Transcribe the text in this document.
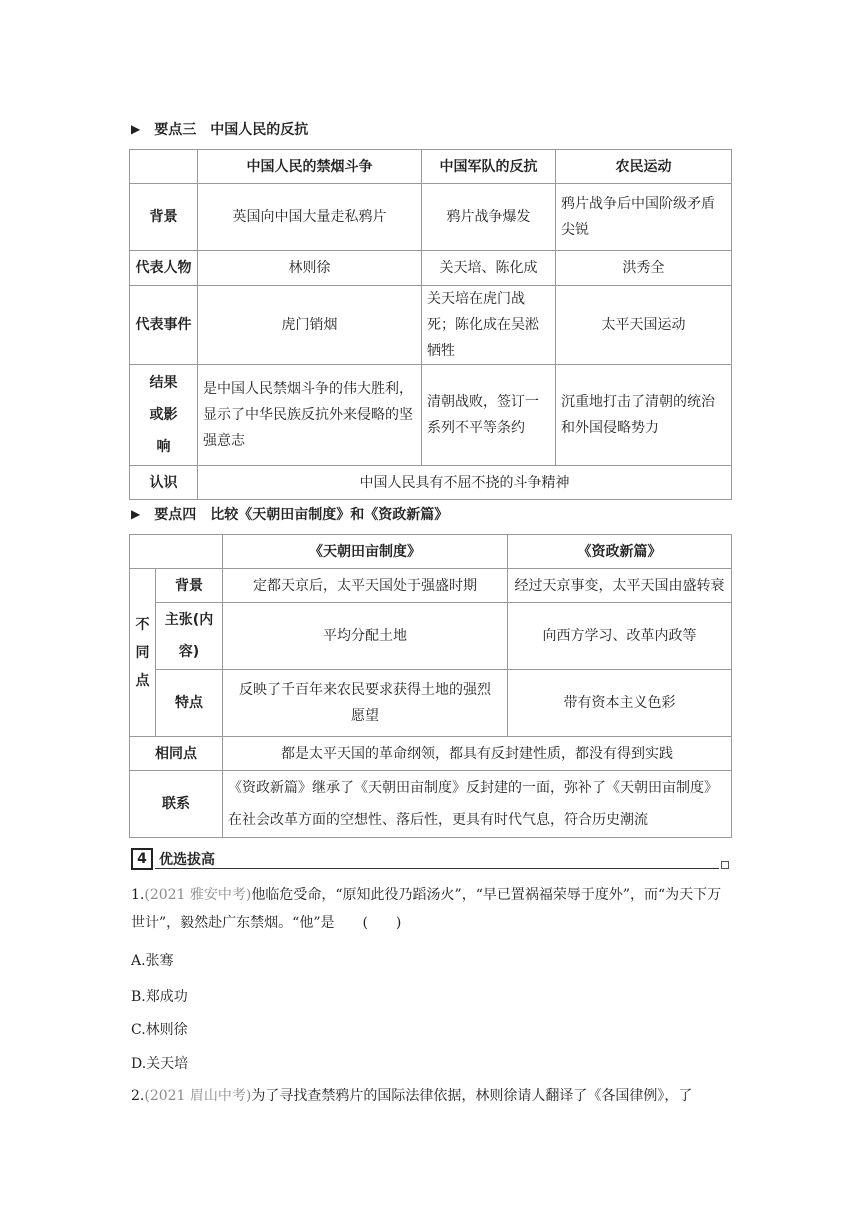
▶ 要点三　中国人民的反抗
	中国人民的禁烟斗争	中国军队的反抗	农民运动
背景	英国向中国大量走私鸦片	鸦片战争爆发	鸦片战争后中国阶级矛盾尖锐
代表人物	林则徐	关天培、陈化成	洪秀全
代表事件	虎门销烟	关天培在虎门战死；陈化成在吴淞牺牲	太平天国运动
结果或影响	是中国人民禁烟斗争的伟大胜利，显示了中华民族反抗外来侵略的坚强意志	清朝战败，签订一系列不平等条约	沉重地打击了清朝的统治和外国侵略势力
认识	中国人民具有不屈不挠的斗争精神		
▶ 要点四　比较《天朝田亩制度》和《资政新篇》
		《天朝田亩制度》	《资政新篇》
不同点	背景	定都天京后，太平天国处于强盛时期	经过天京事变，太平天国由盛转衰
	主张(内容)	平均分配土地	向西方学习、改革内政等
	特点	反映了千百年来农民要求获得土地的强烈愿望	带有资本主义色彩
相同点		都是太平天国的革命纲领，都具有反封建性质，都没有得到实践	
联系		《资政新篇》继承了《天朝田亩制度》反封建的一面，弥补了《天朝田亩制度》在社会改革方面的空想性、落后性，更具有时代气息，符合历史潮流	
4 优选拔高
1.(2021 雅安中考)他临危受命，“原知此役乃蹈汤火”，“早已置祸福荣辱于度外”，而“为天下万世计”，毅然赴广东禁烟。“他”是　　(　　)
A.张骞
B.郑成功
C.林则徐
D.关天培
2.(2021 眉山中考)为了寻找查禁鸦片的国际法律依据，林则徐请人翻译了《各国律例》，了
